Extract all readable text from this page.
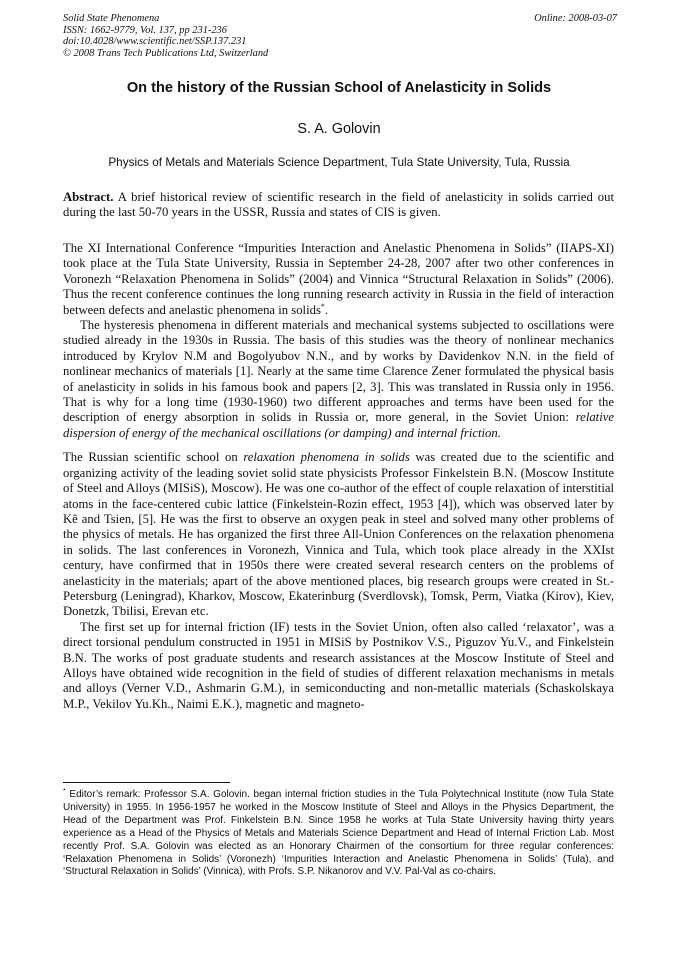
Solid State Phenomena
ISSN: 1662-9779, Vol. 137, pp 231-236
doi:10.4028/www.scientific.net/SSP.137.231
© 2008 Trans Tech Publications Ltd, Switzerland
Online: 2008-03-07
On the history of the Russian School of Anelasticity in Solids
S. A. Golovin
Physics of Metals and Materials Science Department, Tula State University, Tula, Russia

Abstract. A brief historical review of scientific research in the field of anelasticity in solids carried out during the last 50-70 years in the USSR, Russia and states of CIS is given.

The XI International Conference “Impurities Interaction and Anelastic Phenomena in Solids” (IIAPS-XI) took place at the Tula State University, Russia in September 24-28, 2007 after two other conferences in Voronezh “Relaxation Phenomena in Solids” (2004) and Vinnica “Structural Relaxation in Solids” (2006). Thus the recent conference continues the long running research activity in Russia in the field of interaction between defects and anelastic phenomena in solids*.

The hysteresis phenomena in different materials and mechanical systems subjected to oscillations were studied already in the 1930s in Russia. The basis of this studies was the theory of nonlinear mechanics introduced by Krylov N.M and Bogolyubov N.N., and by works by Davidenkov N.N. in the field of nonlinear mechanics of materials [1]. Nearly at the same time Clarence Zener formulated the physical basis of anelasticity in solids in his famous book and papers [2, 3]. This was translated in Russia only in 1956. That is why for a long time (1930-1960) two different approaches and terms have been used for the description of energy absorption in solids in Russia or, more general, in the Soviet Union: relative dispersion of energy of the mechanical oscillations (or damping) and internal friction.

The Russian scientific school on relaxation phenomena in solids was created due to the scientific and organizing activity of the leading soviet solid state physicists Professor Finkelstein B.N. (Moscow Institute of Steel and Alloys (MISiS), Moscow). He was one co-author of the effect of couple relaxation of interstitial atoms in the face-centered cubic lattice (Finkelstein-Rozin effect, 1953 [4]), which was observed later by Kê and Tsien, [5]. He was the first to observe an oxygen peak in steel and solved many other problems of the physics of metals. He has organized the first three All-Union Conferences on the relaxation phenomena in solids. The last conferences in Voronezh, Vinnica and Tula, which took place already in the XXIst century, have confirmed that in 1950s there were created several research centers on the problems of anelasticity in the materials; apart of the above mentioned places, big research groups were created in St.-Petersburg (Leningrad), Kharkov, Moscow, Ekaterinburg (Sverdlovsk), Tomsk, Perm, Viatka (Kirov), Kiev, Donetzk, Tbilisi, Erevan etc.

The first set up for internal friction (IF) tests in the Soviet Union, often also called ‘relaxator’, was a direct torsional pendulum constructed in 1951 in MISiS by Postnikov V.S., Piguzov Yu.V., and Finkelstein B.N. The works of post graduate students and research assistances at the Moscow Institute of Steel and Alloys have obtained wide recognition in the field of studies of different relaxation mechanisms in metals and alloys (Verner V.D., Ashmarin G.M.), in semiconducting and non-metallic materials (Schaskolskaya M.P., Vekilov Yu.Kh., Naimi E.K.), magnetic and magneto-

* Editor’s remark: Professor S.A. Golovin. began internal friction studies in the Tula Polytechnical Institute (now Tula State University) in 1955. In 1956-1957 he worked in the Moscow Institute of Steel and Alloys in the Physics Department, the Head of the Department was Prof. Finkelstein B.N. Since 1958 he works at Tula State University having thirty years experience as a Head of the Physics of Metals and Materials Science Department and Head of Internal Friction Lab. Most recently Prof. S.A. Golovin was elected as an Honorary Chairmen of the consortium for three regular conferences: ‘Relaxation Phenomena in Solids’ (Voronezh) ‘Impurities Interaction and Anelastic Phenomena in Solids’ (Tula), and ‘Structural Relaxation in Solids’ (Vinnica), with Profs. S.P. Nikanorov and V.V. Pal-Val as co-chairs.
